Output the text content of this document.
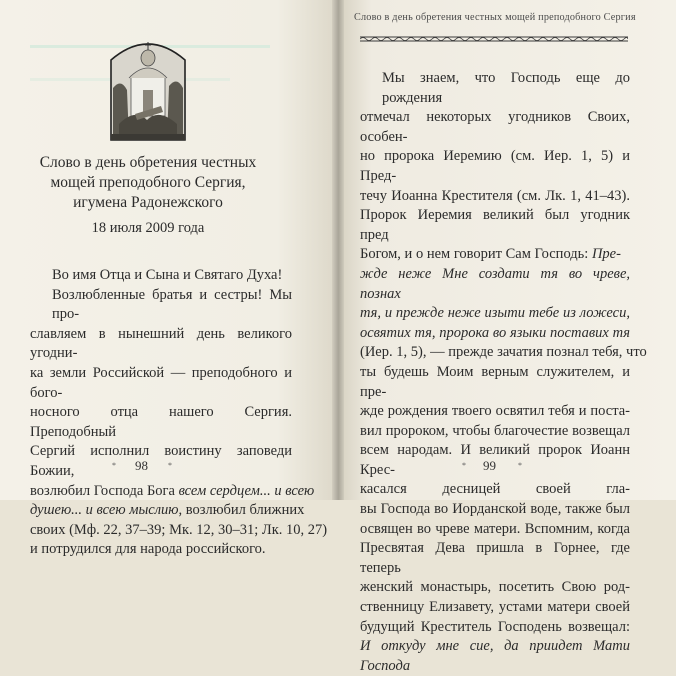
Слово в день обретения честных
мощей преподобного Сергия,
игумена Радонежского
18 июля 2009 года
Во имя Отца и Сына и Святаго Духа!
Возлюбленные братья и сестры! Мы про-
славляем в нынешний день великого угодни-
ка земли Российской — преподобного и бого-
носного отца нашего Сергия. Преподобный
Сергий исполнил воистину заповеди Божии,
возлюбил Господа Бога всем сердцем... и всею
душею... и всею мыслию, возлюбил ближних
своих (Мф. 22, 37–39; Мк. 12, 30–31; Лк. 10, 27)
и потрудился для народа российского.
Слово в день обретения честных мощей преподобного Сергия
Мы знаем, что Господь еще до рождения
отмечал некоторых угодников Своих, особен-
но пророка Иеремию (см. Иер. 1, 5) и Пред-
течу Иоанна Крестителя (см. Лк. 1, 41–43).
Пророк Иеремия великий был угодник пред
Богом, и о нем говорит Сам Господь: Пре-
жде неже Мне создати тя во чреве, познах
тя, и прежде неже изыти тебе из ложеси,
освятих тя, пророка во языки поставих тя
(Иер. 1, 5), — прежде зачатия познал тебя, что
ты будешь Моим верным служителем, и пре-
жде рождения твоего освятил тебя и поста-
вил пророком, чтобы благочестие возвещал
всем народам. И великий пророк Иоанн Крес-
касался десницей своей гла-
вы Господа во Иорданской воде, также был
освящен во чреве матери. Вспомним, когда
Пресвятая Дева пришла в Горнее, где теперь
женский монастырь, посетить Свою род-
ственницу Елизавету, устами матери своей
будущий Креститель Господень возвещал:
И откуду мне сие, да приидет Мати Господа
* 98	*	* 99	*
